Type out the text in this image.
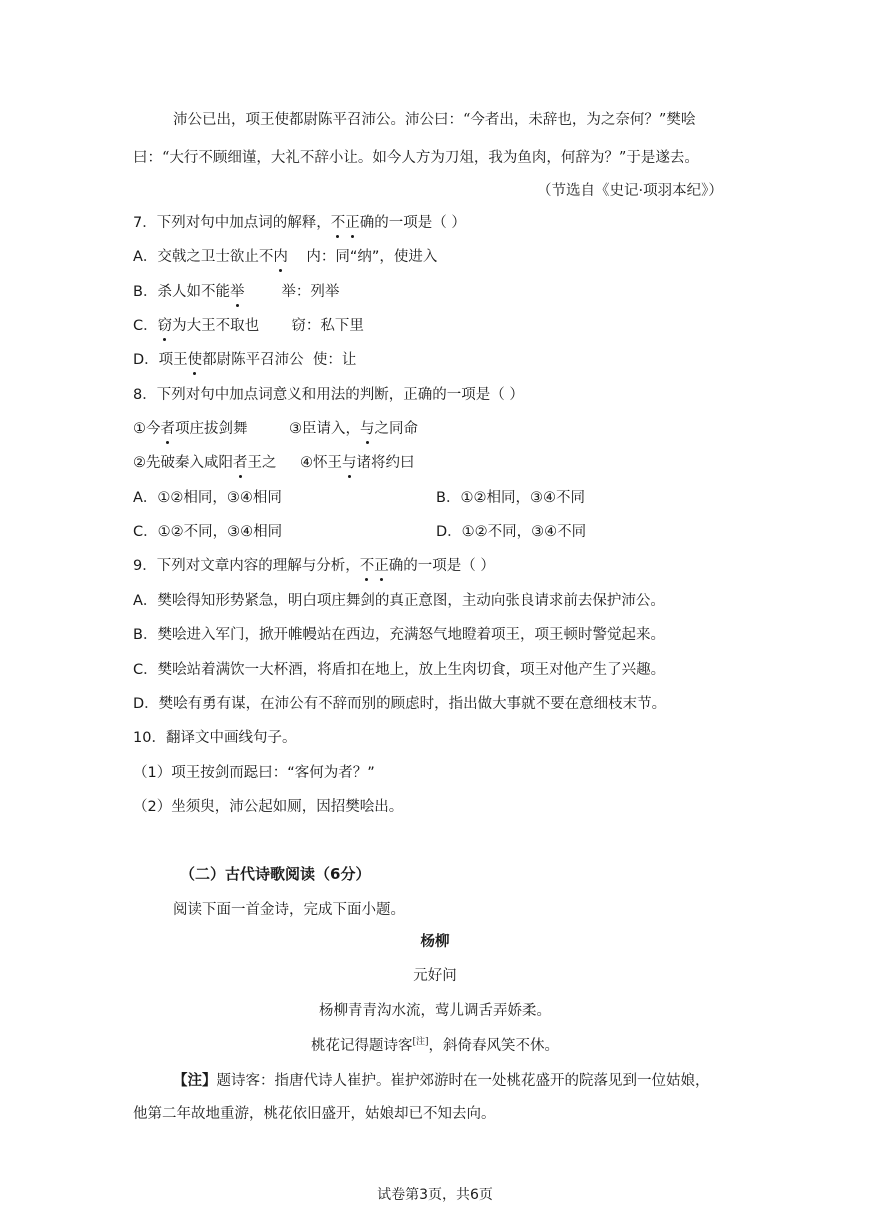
沛公已出，项王使都尉陈平召沛公。沛公曰：“今者出，未辞也，为之奈何？”樊哙
曰：“大行不顾细谨，大礼不辞小让。如今人方为刀俎，我为鱼肉，何辞为？”于是遂去。
（节选自《史记·项羽本纪》）
7．下列对句中加点词的解释，不正确的一项是（ ）
A．交戟之卫士欲止不内    内：同“纳”，使进入
B．杀人如不能举        举：列举
C．窃为大王不取也       窃：私下里
D．项王使都尉陈平召沛公  使：让
8．下列对句中加点词意义和用法的判断，正确的一项是（ ）
①今者项庄拔剑舞	③臣请入，与之同命
②先破秦入咸阳者王之 ④怀王与诸将约曰
A．①②相同，③④相同	B．①②相同，③④不同
C．①②不同，③④相同	D．①②不同，③④不同
9．下列对文章内容的理解与分析，不正确的一项是（ ）
A．樊哙得知形势紧急，明白项庄舞剑的真正意图，主动向张良请求前去保护沛公。
B．樊哙进入军门，掀开帷幔站在西边，充满怒气地瞪着项王，项王顿时警觉起来。
C．樊哙站着满饮一大杯酒，将盾扣在地上，放上生肉切食，项王对他产生了兴趣。
D．樊哙有勇有谋，在沛公有不辞而别的顾虑时，指出做大事就不要在意细枝末节。
10．翻译文中画线句子。
（1）项王按剑而跽曰：“客何为者？”
（2）坐须臾，沛公起如厕，因招樊哙出。
（二）古代诗歌阅读（6分）
阅读下面一首金诗，完成下面小题。
杨柳
元好问
杨柳青青沟水流，莺儿调舌弄娇柔。
桃花记得题诗客[注]，斜倚春风笑不休。
【注】题诗客：指唐代诗人崔护。崔护郊游时在一处桃花盛开的院落见到一位姑娘，
他第二年故地重游，桃花依旧盛开，姑娘却已不知去向。
试卷第3页，共6页
